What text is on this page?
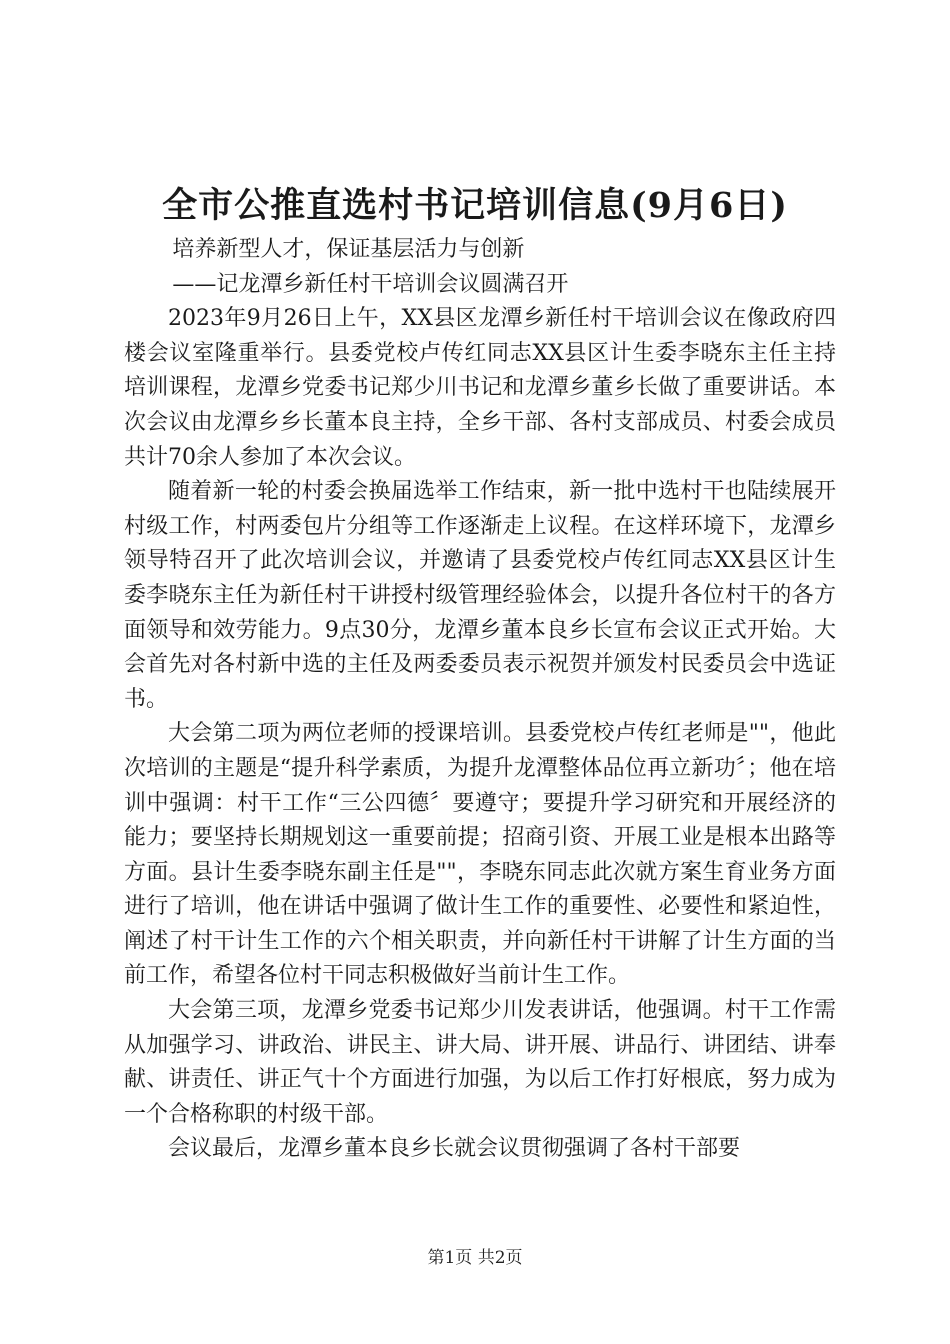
全市公推直选村书记培训信息(9月6日)

培养新型人才，保证基层活力与创新

——记龙潭乡新任村干培训会议圆满召开

2023年9月26日上午，XX县区龙潭乡新任村干培训会议在像政府四楼会议室隆重举行。县委党校卢传红同志XX县区计生委李晓东主任主持培训课程，龙潭乡党委书记郑少川书记和龙潭乡董乡长做了重要讲话。本次会议由龙潭乡乡长董本良主持，全乡干部、各村支部成员、村委会成员共计70余人参加了本次会议。

随着新一轮的村委会换届选举工作结束，新一批中选村干也陆续展开村级工作，村两委包片分组等工作逐渐走上议程。在这样环境下，龙潭乡领导特召开了此次培训会议，并邀请了县委党校卢传红同志XX县区计生委李晓东主任为新任村干讲授村级管理经验体会，以提升各位村干的各方面领导和效劳能力。9点30分，龙潭乡董本良乡长宣布会议正式开始。大会首先对各村新中选的主任及两委委员表示祝贺并颁发村民委员会中选证书。

大会第二项为两位老师的授课培训。县委党校卢传红老师是""，他此次培训的主题是“提升科学素质，为提升龙潭整体品位再立新功〞；他在培训中强调：村干工作“三公四德〞要遵守；要提升学习研究和开展经济的能力；要坚持长期规划这一重要前提；招商引资、开展工业是根本出路等方面。县计生委李晓东副主任是""，李晓东同志此次就方案生育业务方面进行了培训，他在讲话中强调了做计生工作的重要性、必要性和紧迫性，阐述了村干计生工作的六个相关职责，并向新任村干讲解了计生方面的当前工作，希望各位村干同志积极做好当前计生工作。

大会第三项，龙潭乡党委书记郑少川发表讲话，他强调。村干工作需从加强学习、讲政治、讲民主、讲大局、讲开展、讲品行、讲团结、讲奉献、讲责任、讲正气十个方面进行加强，为以后工作打好根底，努力成为一个合格称职的村级干部。

会议最后，龙潭乡董本良乡长就会议贯彻强调了各村干部要

第1页 共2页
